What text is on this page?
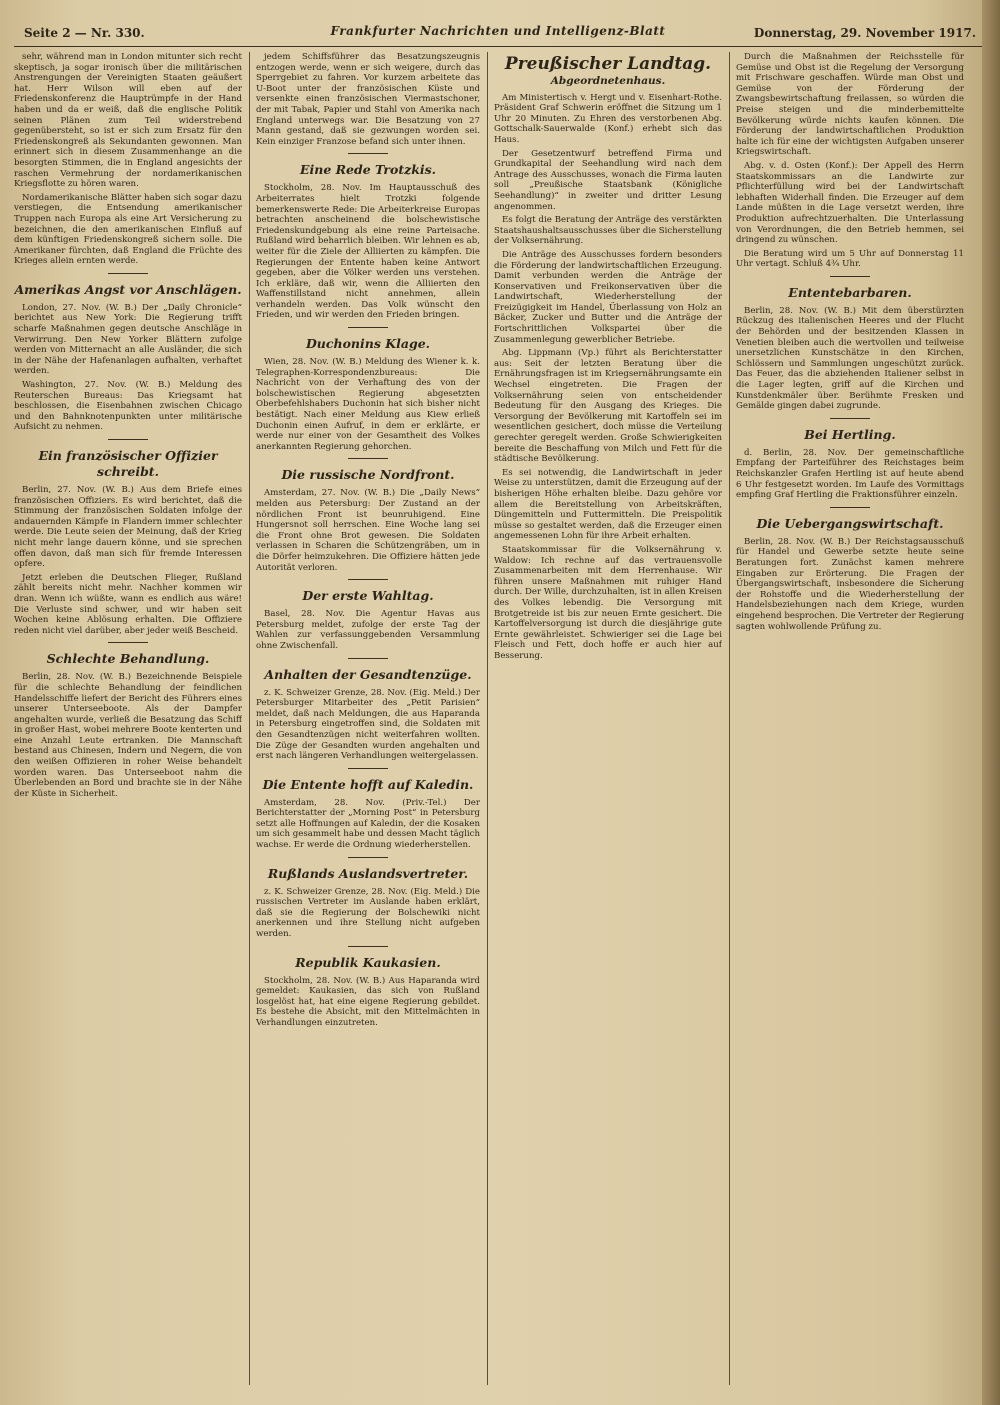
Seite 2 — Nr. 330.	Frankfurter Nachrichten und Intelligenz-Blatt	Donnerstag, 29. November 1917.

sehr, während man in London mitunter sich recht skeptisch, ja sogar ironisch über die militärischen Anstrengungen der Vereinigten Staaten geäußert hat. Herr Wilson will eben auf der Friedenskonferenz die Hauptrümpfe in der Hand haben und da er weiß, daß die englische Politik seinen Plänen zum Teil widerstrebend gegenübersteht, so ist er sich zum Ersatz für den Friedenskongreß als Sekundanten gewonnen. Man erinnert sich in diesem Zusammenhange an die besorgten Stimmen, die in England angesichts der raschen Vermehrung der nordamerikanischen Kriegsflotte zu hören waren.

Nordamerikanische Blätter haben sich sogar dazu verstiegen, die Entsendung amerikanischer Truppen nach Europa als eine Art Versicherung zu bezeichnen, die den amerikanischen Einfluß auf dem künftigen Friedenskongreß sichern solle. Die Amerikaner fürchten, daß England die Früchte des Krieges allein ernten werde.

Amerikas Angst vor Anschlägen.

London, 27. Nov. (W. B.) Der „Daily Chronicle“ berichtet aus New York: Die Regierung trifft scharfe Maßnahmen gegen deutsche Anschläge in Verwirrung. Den New Yorker Blättern zufolge werden von Mitternacht an alle Ausländer, die sich in der Nähe der Hafenanlagen aufhalten, verhaftet werden.

Washington, 27. Nov. (W. B.) Meldung des Reuterschen Bureaus: Das Kriegsamt hat beschlossen, die Eisenbahnen zwischen Chicago und den Bahnknotenpunkten unter militärische Aufsicht zu nehmen.

Ein französischer Offizier schreibt.

Berlin, 27. Nov. (W. B.) Aus dem Briefe eines französischen Offiziers. Es wird berichtet, daß die Stimmung der französischen Soldaten infolge der andauernden Kämpfe in Flandern immer schlechter werde. Die Leute seien der Meinung, daß der Krieg nicht mehr lange dauern könne, und sie sprechen offen davon, daß man sich für fremde Interessen opfere.

Jetzt erleben die Deutschen Flieger, Rußland zählt bereits nicht mehr. Nachher kommen wir dran. Wenn ich wüßte, wann es endlich aus wäre! Die Verluste sind schwer, und wir haben seit Wochen keine Ablösung erhalten. Die Offiziere reden nicht viel darüber, aber jeder weiß Bescheid.

Schlechte Behandlung.

Berlin, 28. Nov. (W. B.) Bezeichnende Beispiele für die schlechte Behandlung der feindlichen Handelsschiffe liefert der Bericht des Führers eines unserer Unterseeboote. Als der Dampfer angehalten wurde, verließ die Besatzung das Schiff in großer Hast, wobei mehrere Boote kenterten und eine Anzahl Leute ertranken. Die Mannschaft bestand aus Chinesen, Indern und Negern, die von den weißen Offizieren in roher Weise behandelt worden waren. Das Unterseeboot nahm die Überlebenden an Bord und brachte sie in der Nähe der Küste in Sicherheit.

jedem Schiffsführer das Besatzungszeugnis entzogen werde, wenn er sich weigere, durch das Sperrgebiet zu fahren. Vor kurzem arbeitete das U-Boot unter der französischen Küste und versenkte einen französischen Viermastschoner, der mit Tabak, Papier und Stahl von Amerika nach England unterwegs war. Die Besatzung von 27 Mann gestand, daß sie gezwungen worden sei. Kein einziger Franzose befand sich unter ihnen.

Eine Rede Trotzkis.

Stockholm, 28. Nov. Im Hauptausschuß des Arbeiterrates hielt Trotzki folgende bemerkenswerte Rede: Die Arbeiterkreise Europas betrachten anscheinend die bolschewistische Friedenskundgebung als eine reine Parteisache. Rußland wird beharrlich bleiben. Wir lehnen es ab, weiter für die Ziele der Alliierten zu kämpfen. Die Regierungen der Entente haben keine Antwort gegeben, aber die Völker werden uns verstehen. Ich erkläre, daß wir, wenn die Alliierten den Waffenstillstand nicht annehmen, allein verhandeln werden. Das Volk wünscht den Frieden, und wir werden den Frieden bringen.

Duchonins Klage.

Wien, 28. Nov. (W. B.) Meldung des Wiener k. k. Telegraphen-Korrespondenzbureaus: Die Nachricht von der Verhaftung des von der bolschewistischen Regierung abgesetzten Oberbefehlshabers Duchonin hat sich bisher nicht bestätigt. Nach einer Meldung aus Kiew erließ Duchonin einen Aufruf, in dem er erklärte, er werde nur einer von der Gesamtheit des Volkes anerkannten Regierung gehorchen.

Die russische Nordfront.

Amsterdam, 27. Nov. (W. B.) Die „Daily News“ melden aus Petersburg: Der Zustand an der nördlichen Front ist beunruhigend. Eine Hungersnot soll herrschen. Eine Woche lang sei die Front ohne Brot gewesen. Die Soldaten verlassen in Scharen die Schützengräben, um in die Dörfer heimzukehren. Die Offiziere hätten jede Autorität verloren.

Der erste Wahltag.

Basel, 28. Nov. Die Agentur Havas aus Petersburg meldet, zufolge der erste Tag der Wahlen zur verfassunggebenden Versammlung ohne Zwischenfall.

Anhalten der Gesandtenzüge.

z. K. Schweizer Grenze, 28. Nov. (Eig. Meld.) Der Petersburger Mitarbeiter des „Petit Parisien“ meldet, daß nach Meldungen, die aus Haparanda in Petersburg eingetroffen sind, die Soldaten mit den Gesandtenzügen nicht weiterfahren wollten. Die Züge der Gesandten wurden angehalten und erst nach längeren Verhandlungen weitergelassen.

Die Entente hofft auf Kaledin.

Amsterdam, 28. Nov. (Priv.-Tel.) Der Berichterstatter der „Morning Post“ in Petersburg setzt alle Hoffnungen auf Kaledin, der die Kosaken um sich gesammelt habe und dessen Macht täglich wachse. Er werde die Ordnung wiederherstellen.

Rußlands Auslandsvertreter.

z. K. Schweizer Grenze, 28. Nov. (Eig. Meld.) Die russischen Vertreter im Auslande haben erklärt, daß sie die Regierung der Bolschewiki nicht anerkennen und ihre Stellung nicht aufgeben werden.

Republik Kaukasien.

Stockholm, 28. Nov. (W. B.) Aus Haparanda wird gemeldet: Kaukasien, das sich von Rußland losgelöst hat, hat eine eigene Regierung gebildet. Es bestehe die Absicht, mit den Mittelmächten in Verhandlungen einzutreten.

Preußischer Landtag.
Abgeordnetenhaus.

Am Ministertisch v. Hergt und v. Eisenhart-Rothe. Präsident Graf Schwerin eröffnet die Sitzung um 1 Uhr 20 Minuten. Zu Ehren des verstorbenen Abg. Gottschalk-Sauerwalde (Konf.) erhebt sich das Haus.

Der Gesetzentwurf betreffend Firma und Grundkapital der Seehandlung wird nach dem Antrage des Ausschusses, wonach die Firma lauten soll „Preußische Staatsbank (Königliche Seehandlung)“ in zweiter und dritter Lesung angenommen.

Es folgt die Beratung der Anträge des verstärkten Staatshaushaltsausschusses über die Sicherstellung der Volksernährung.

Die Anträge des Ausschusses fordern besonders die Förderung der landwirtschaftlichen Erzeugung. Damit verbunden werden die Anträge der Konservativen und Freikonservativen über die Landwirtschaft, Wiederherstellung der Freizügigkeit im Handel, Überlassung von Holz an Bäcker, Zucker und Butter und die Anträge der Fortschrittlichen Volkspartei über die Zusammenlegung gewerblicher Betriebe.

Abg. Lippmann (Vp.) führt als Berichterstatter aus: Seit der letzten Beratung über die Ernährungsfragen ist im Kriegsernährungsamte ein Wechsel eingetreten. Die Fragen der Volksernährung seien von entscheidender Bedeutung für den Ausgang des Krieges. Die Versorgung der Bevölkerung mit Kartoffeln sei im wesentlichen gesichert, doch müsse die Verteilung gerechter geregelt werden. Große Schwierigkeiten bereite die Beschaffung von Milch und Fett für die städtische Bevölkerung.

Es sei notwendig, die Landwirtschaft in jeder Weise zu unterstützen, damit die Erzeugung auf der bisherigen Höhe erhalten bleibe. Dazu gehöre vor allem die Bereitstellung von Arbeitskräften, Düngemitteln und Futtermitteln. Die Preispolitik müsse so gestaltet werden, daß die Erzeuger einen angemessenen Lohn für ihre Arbeit erhalten.

Staatskommissar für die Volksernährung v. Waldow: Ich rechne auf das vertrauensvolle Zusammenarbeiten mit dem Herrenhause. Wir führen unsere Maßnahmen mit ruhiger Hand durch. Der Wille, durchzuhalten, ist in allen Kreisen des Volkes lebendig. Die Versorgung mit Brotgetreide ist bis zur neuen Ernte gesichert. Die Kartoffelversorgung ist durch die diesjährige gute Ernte gewährleistet. Schwieriger sei die Lage bei Fleisch und Fett, doch hoffe er auch hier auf Besserung.

Durch die Maßnahmen der Reichsstelle für Gemüse und Obst ist die Regelung der Versorgung mit Frischware geschaffen. Würde man Obst und Gemüse von der Förderung der Zwangsbewirtschaftung freilassen, so würden die Preise steigen und die minderbemittelte Bevölkerung würde nichts kaufen können. Die Förderung der landwirtschaftlichen Produktion halte ich für eine der wichtigsten Aufgaben unserer Kriegswirtschaft.

Abg. v. d. Osten (Konf.): Der Appell des Herrn Staatskommissars an die Landwirte zur Pflichterfüllung wird bei der Landwirtschaft lebhaften Widerhall finden. Die Erzeuger auf dem Lande müßten in die Lage versetzt werden, ihre Produktion aufrechtzuerhalten. Die Unterlassung von Verordnungen, die den Betrieb hemmen, sei dringend zu wünschen.

Die Beratung wird um 5 Uhr auf Donnerstag 11 Uhr vertagt. Schluß 4¾ Uhr.

Ententebarbaren.

Berlin, 28. Nov. (W. B.) Mit dem überstürzten Rückzug des italienischen Heeres und der Flucht der Behörden und der besitzenden Klassen in Venetien bleiben auch die wertvollen und teilweise unersetzlichen Kunstschätze in den Kirchen, Schlössern und Sammlungen ungeschützt zurück. Das Feuer, das die abziehenden Italiener selbst in die Lager legten, griff auf die Kirchen und Kunstdenkmäler über. Berühmte Fresken und Gemälde gingen dabei zugrunde.

Bei Hertling.

d. Berlin, 28. Nov. Der gemeinschaftliche Empfang der Parteiführer des Reichstages beim Reichskanzler Grafen Hertling ist auf heute abend 6 Uhr festgesetzt worden. Im Laufe des Vormittags empfing Graf Hertling die Fraktionsführer einzeln.

Die Uebergangswirtschaft.

Berlin, 28. Nov. (W. B.) Der Reichstagsausschuß für Handel und Gewerbe setzte heute seine Beratungen fort. Zunächst kamen mehrere Eingaben zur Erörterung. Die Fragen der Übergangswirtschaft, insbesondere die Sicherung der Rohstoffe und die Wiederherstellung der Handelsbeziehungen nach dem Kriege, wurden eingehend besprochen. Die Vertreter der Regierung sagten wohlwollende Prüfung zu.
